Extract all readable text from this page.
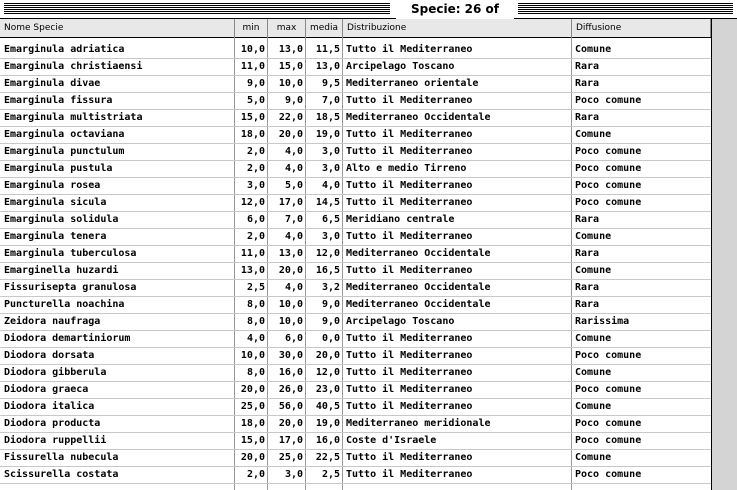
Specie: 26 of
Nome Specie	min	max	media Distribuzione	Diffusione
Emarginula adriatica	10,0	13,0	11,5 Tutto il Mediterraneo	Comune
Emarginula christiaensi	11,0	15,0	13,0 Arcipelago Toscano	Rara
Emarginula divae	9,0	10,0	9,5 Mediterraneo orientale	Rara
Emarginula fissura	5,0	9,0	7,0 Tutto il Mediterraneo	Poco comune
Emarginula multistriata	15,0	22,0	18,5 Mediterraneo Occidentale	Rara
Emarginula octaviana	18,0	20,0	19,0 Tutto il Mediterraneo	Comune
Emarginula punctulum	2,0	4,0	3,0 Tutto il Mediterraneo	Poco comune
Emarginula pustula	2,0	4,0	3,0 Alto e medio Tirreno	Poco comune
Emarginula rosea	3,0	5,0	4,0 Tutto il Mediterraneo	Poco comune
Emarginula sicula	12,0	17,0	14,5 Tutto il Mediterraneo	Poco comune
Emarginula solidula	6,0	7,0	6,5 Meridiano centrale	Rara
Emarginula tenera	2,0	4,0	3,0 Tutto il Mediterraneo	Comune
Emarginula tuberculosa	11,0	13,0	12,0 Mediterraneo Occidentale	Rara
Emarginella huzardi	13,0	20,0	16,5 Tutto il Mediterraneo	Comune
Fissurisepta granulosa	2,5	4,0	3,2 Mediterraneo Occidentale	Rara
Puncturella noachina	8,0	10,0	9,0 Mediterraneo Occidentale	Rara
Zeidora naufraga	8,0	10,0	9,0 Arcipelago Toscano	Rarissima
Diodora demartiniorum	4,0	6,0	0,0 Tutto il Mediterraneo	Comune
Diodora dorsata	10,0	30,0	20,0 Tutto il Mediterraneo	Poco comune
Diodora gibberula	8,0	16,0	12,0 Tutto il Mediterraneo	Comune
Diodora graeca	20,0	26,0	23,0 Tutto il Mediterraneo	Poco comune
Diodora italica	25,0	56,0	40,5 Tutto il Mediterraneo	Comune
Diodora producta	18,0	20,0	19,0 Mediterraneo meridionale	Poco comune
Diodora ruppellii	15,0	17,0	16,0 Coste d'Israele	Poco comune
Fissurella nubecula	20,0	25,0	22,5 Tutto il Mediterraneo	Comune
Scissurella costata	2,0	3,0	2,5 Tutto il Mediterraneo	Poco comune
